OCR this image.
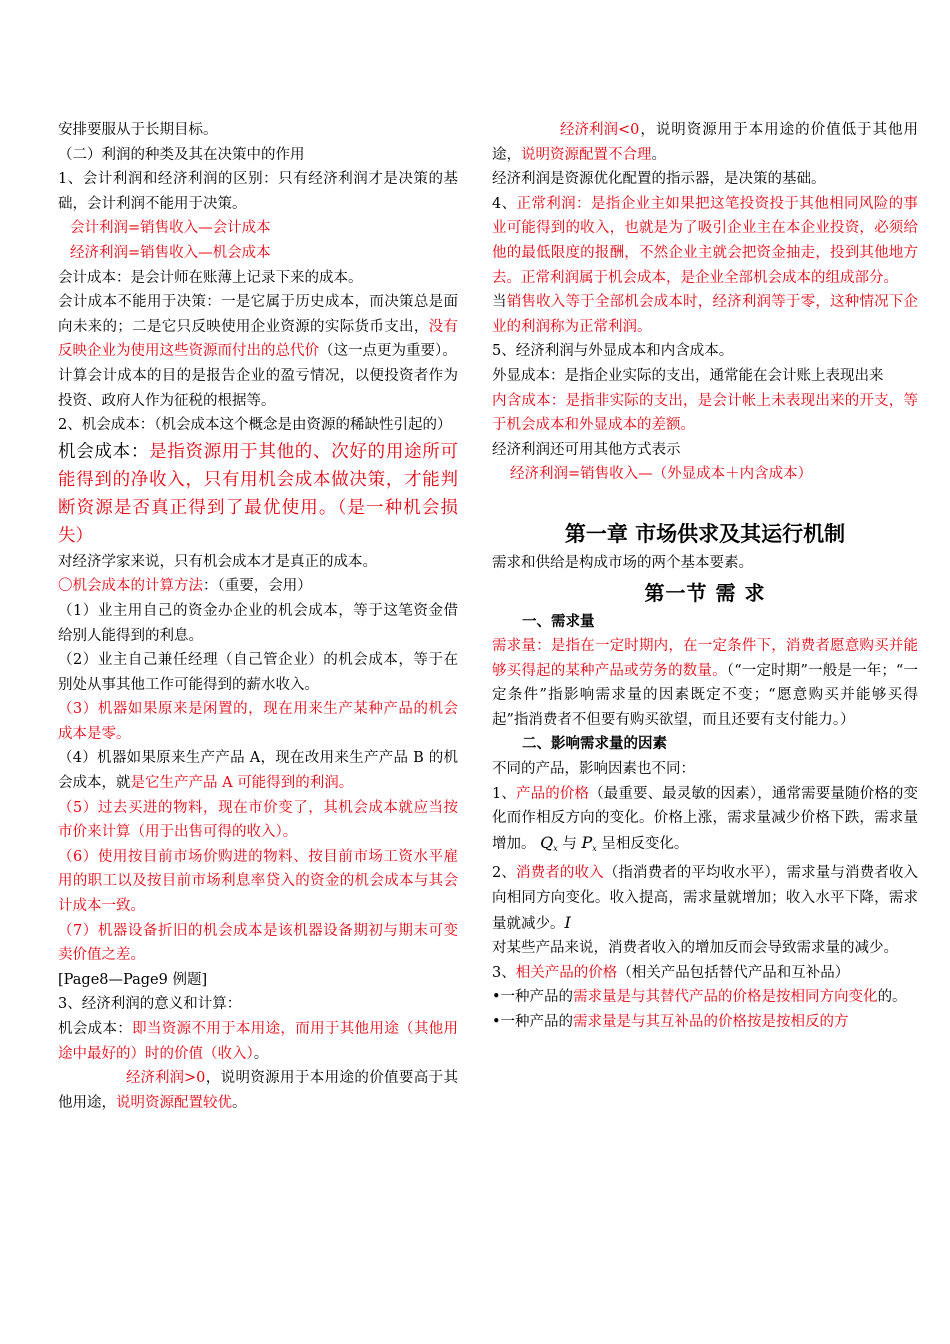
安排要服从于长期目标。

（二）利润的种类及其在决策中的作用

1、会计利润和经济利润的区别：只有经济利润才是决策的基础，会计利润不能用于决策。

会计利润=销售收入—会计成本

经济利润=销售收入—机会成本

会计成本：是会计师在账薄上记录下来的成本。

会计成本不能用于决策：一是它属于历史成本，而决策总是面向未来的；二是它只反映使用企业资源的实际货币支出，没有反映企业为使用这些资源而付出的总代价（这一点更为重要）。

计算会计成本的目的是报告企业的盈亏情况，以便投资者作为投资、政府人作为征税的根据等。

2、机会成本：（机会成本这个概念是由资源的稀缺性引起的）

机会成本：是指资源用于其他的、次好的用途所可能得到的净收入，只有用机会成本做决策，才能判断资源是否真正得到了最优使用。（是一种机会损失）

对经济学家来说，只有机会成本才是真正的成本。

〇机会成本的计算方法：（重要，会用）

（1）业主用自己的资金办企业的机会成本，等于这笔资金借给别人能得到的利息。

（2）业主自己兼任经理（自己管企业）的机会成本，等于在别处从事其他工作可能得到的薪水收入。

（3）机器如果原来是闲置的，现在用来生产某种产品的机会成本是零。

（4）机器如果原来生产产品 A，现在改用来生产产品 B 的机会成本，就是它生产产品 A 可能得到的利润。

（5）过去买进的物料，现在市价变了，其机会成本就应当按市价来计算（用于出售可得的收入）。

（6）使用按目前市场价购进的物料、按目前市场工资水平雇用的职工以及按目前市场利息率贷入的资金的机会成本与其会计成本一致。

（7）机器设备折旧的机会成本是该机器设备期初与期末可变卖价值之差。

[Page8—Page9 例题]

3、经济利润的意义和计算：

机会成本：即当资源不用于本用途，而用于其他用途（其他用途中最好的）时的价值（收入）。

经济利润>0，说明资源用于本用途的价值要高于其他用途，说明资源配置较优。

经济利润<0，说明资源用于本用途的价值低于其他用途，说明资源配置不合理。

经济利润是资源优化配置的指示器，是决策的基础。

4、正常利润：是指企业主如果把这笔投资投于其他相同风险的事业可能得到的收入，也就是为了吸引企业主在本企业投资，必须给他的最低限度的报酬，不然企业主就会把资金抽走，投到其他地方去。正常利润属于机会成本，是企业全部机会成本的组成部分。

当销售收入等于全部机会成本时，经济利润等于零，这种情况下企业的利润称为正常利润。

5、经济利润与外显成本和内含成本。

外显成本：是指企业实际的支出，通常能在会计账上表现出来

内含成本：是指非实际的支出，是会计帐上未表现出来的开支，等于机会成本和外显成本的差额。

经济利润还可用其他方式表示

经济利润=销售收入—（外显成本＋内含成本）

第一章 市场供求及其运行机制

需求和供给是构成市场的两个基本要素。

第一节 需 求

一、需求量

需求量：是指在一定时期内，在一定条件下，消费者愿意购买并能够买得起的某种产品或劳务的数量。（“一定时期”一般是一年；“一定条件”指影响需求量的因素既定不变；“愿意购买并能够买得起”指消费者不但要有购买欲望，而且还要有支付能力。）

二、影响需求量的因素

不同的产品，影响因素也不同：

1、产品的价格（最重要、最灵敏的因素），通常需要量随价格的变化而作相反方向的变化。价格上涨，需求量减少价格下跌，需求量增加。 $Q_x$ 与 $P_x$ 呈相反变化。

2、消费者的收入（指消费者的平均收水平），需求量与消费者收入向相同方向变化。收入提高，需求量就增加；收入水平下降，需求量就减少。I

对某些产品来说，消费者收入的增加反而会导致需求量的减少。

3、相关产品的价格（相关产品包括替代产品和互补品）

•一种产品的需求量是与其替代产品的价格是按相同方向变化的。

•一种产品的需求量是与其互补品的价格按是按相反的方
